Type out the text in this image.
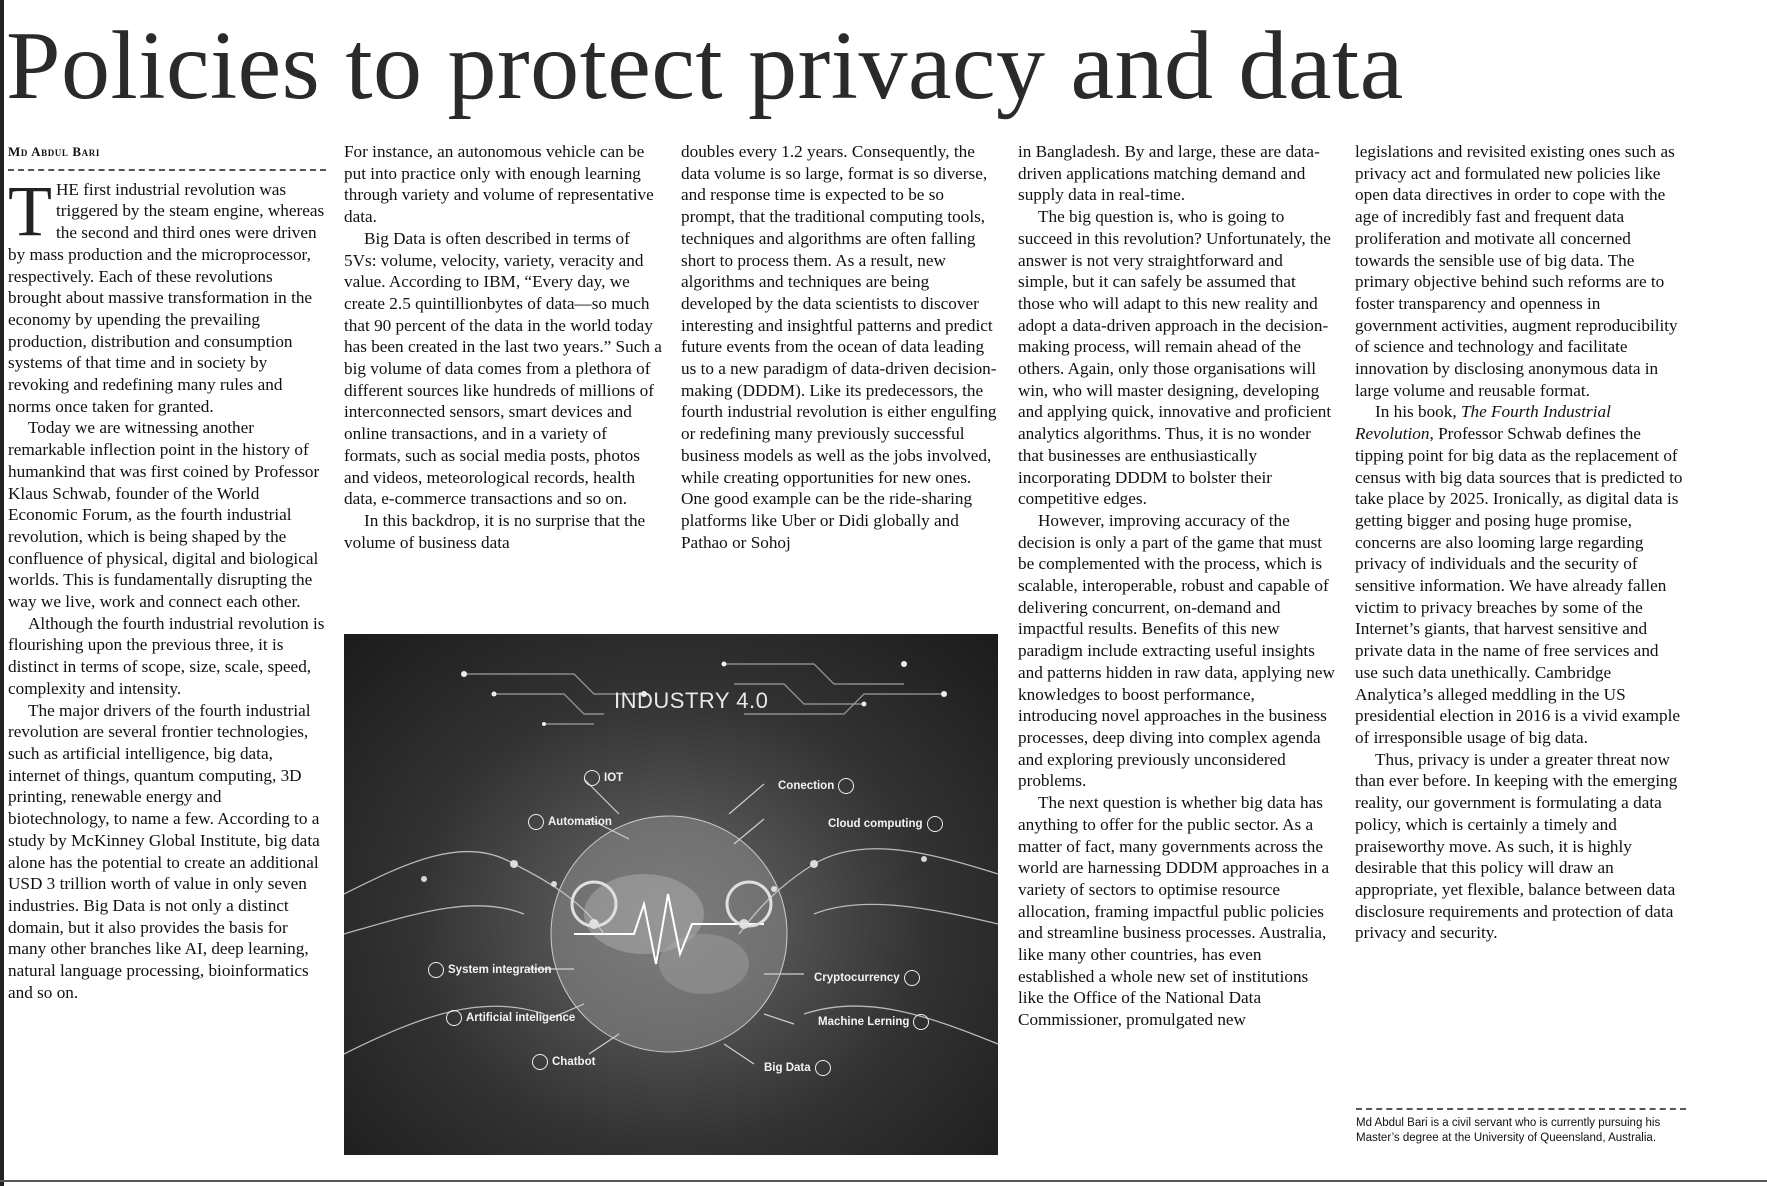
Policies to protect privacy and data
Md Abdul Bari

THE first industrial revolution was triggered by the steam engine, whereas the second and third ones were driven by mass production and the microprocessor, respectively. Each of these revolutions brought about massive transformation in the economy by upending the prevailing production, distribution and consumption systems of that time and in society by revoking and redefining many rules and norms once taken for granted.

Today we are witnessing another remarkable inflection point in the history of humankind that was first coined by Professor Klaus Schwab, founder of the World Economic Forum, as the fourth industrial revolution, which is being shaped by the confluence of physical, digital and biological worlds. This is fundamentally disrupting the way we live, work and connect each other.

Although the fourth industrial revolution is flourishing upon the previous three, it is distinct in terms of scope, size, scale, speed, complexity and intensity.

The major drivers of the fourth industrial revolution are several frontier technologies, such as artificial intelligence, big data, internet of things, quantum computing, 3D printing, renewable energy and biotechnology, to name a few. According to a study by McKinney Global Institute, big data alone has the potential to create an additional USD 3 trillion worth of value in only seven industries. Big Data is not only a distinct domain, but it also provides the basis for many other branches like AI, deep learning, natural language processing, bioinformatics and so on.

For instance, an autonomous vehicle can be put into practice only with enough learning through variety and volume of representative data.

Big Data is often described in terms of 5Vs: volume, velocity, variety, veracity and value. According to IBM, “Every day, we create 2.5 quintillionbytes of data—so much that 90 percent of the data in the world today has been created in the last two years.” Such a big volume of data comes from a plethora of different sources like hundreds of millions of interconnected sensors, smart devices and online transactions, and in a variety of formats, such as social media posts, photos and videos, meteorological records, health data, e-commerce transactions and so on.

In this backdrop, it is no surprise that the volume of business data

doubles every 1.2 years. Consequently, the data volume is so large, format is so diverse, and response time is expected to be so prompt, that the traditional computing tools, techniques and algorithms are often falling short to process them. As a result, new algorithms and techniques are being developed by the data scientists to discover interesting and insightful patterns and predict future events from the ocean of data leading us to a new paradigm of data-driven decision-making (DDDM). Like its predecessors, the fourth industrial revolution is either engulfing or redefining many previously successful business models as well as the jobs involved, while creating opportunities for new ones. One good example can be the ride-sharing platforms like Uber or Didi globally and Pathao or Sohoj

INDUSTRY 4.0
IOT
Automation
Conection
Cloud computing
System integration
Cryptocurrency
Artificial inteligence	Machine Lerning
Chatbot	Big Data

in Bangladesh. By and large, these are data-driven applications matching demand and supply data in real-time.

The big question is, who is going to succeed in this revolution? Unfortunately, the answer is not very straightforward and simple, but it can safely be assumed that those who will adapt to this new reality and adopt a data-driven approach in the decision-making process, will remain ahead of the others. Again, only those organisations will win, who will master designing, developing and applying quick, innovative and proficient analytics algorithms. Thus, it is no wonder that businesses are enthusiastically incorporating DDDM to bolster their competitive edges.

However, improving accuracy of the decision is only a part of the game that must be complemented with the process, which is scalable, interoperable, robust and capable of delivering concurrent, on-demand and impactful results. Benefits of this new paradigm include extracting useful insights and patterns hidden in raw data, applying new knowledges to boost performance, introducing novel approaches in the business processes, deep diving into complex agenda and exploring previously unconsidered problems.

The next question is whether big data has anything to offer for the public sector. As a matter of fact, many governments across the world are harnessing DDDM approaches in a variety of sectors to optimise resource allocation, framing impactful public policies and streamline business processes. Australia, like many other countries, has even established a whole new set of institutions like the Office of the National Data Commissioner, promulgated new

legislations and revisited existing ones such as privacy act and formulated new policies like open data directives in order to cope with the age of incredibly fast and frequent data proliferation and motivate all concerned towards the sensible use of big data. The primary objective behind such reforms are to foster transparency and openness in government activities, augment reproducibility of science and technology and facilitate innovation by disclosing anonymous data in large volume and reusable format.

In his book, The Fourth Industrial Revolution, Professor Schwab defines the tipping point for big data as the replacement of census with big data sources that is predicted to take place by 2025. Ironically, as digital data is getting bigger and posing huge promise, concerns are also looming large regarding privacy of individuals and the security of sensitive information. We have already fallen victim to privacy breaches by some of the Internet’s giants, that harvest sensitive and private data in the name of free services and use such data unethically. Cambridge Analytica’s alleged meddling in the US presidential election in 2016 is a vivid example of irresponsible usage of big data.

Thus, privacy is under a greater threat now than ever before. In keeping with the emerging reality, our government is formulating a data policy, which is certainly a timely and praiseworthy move. As such, it is highly desirable that this policy will draw an appropriate, yet flexible, balance between data disclosure requirements and protection of data privacy and security.

Md Abdul Bari is a civil servant who is currently pursuing his Master’s degree at the University of Queensland, Australia.
